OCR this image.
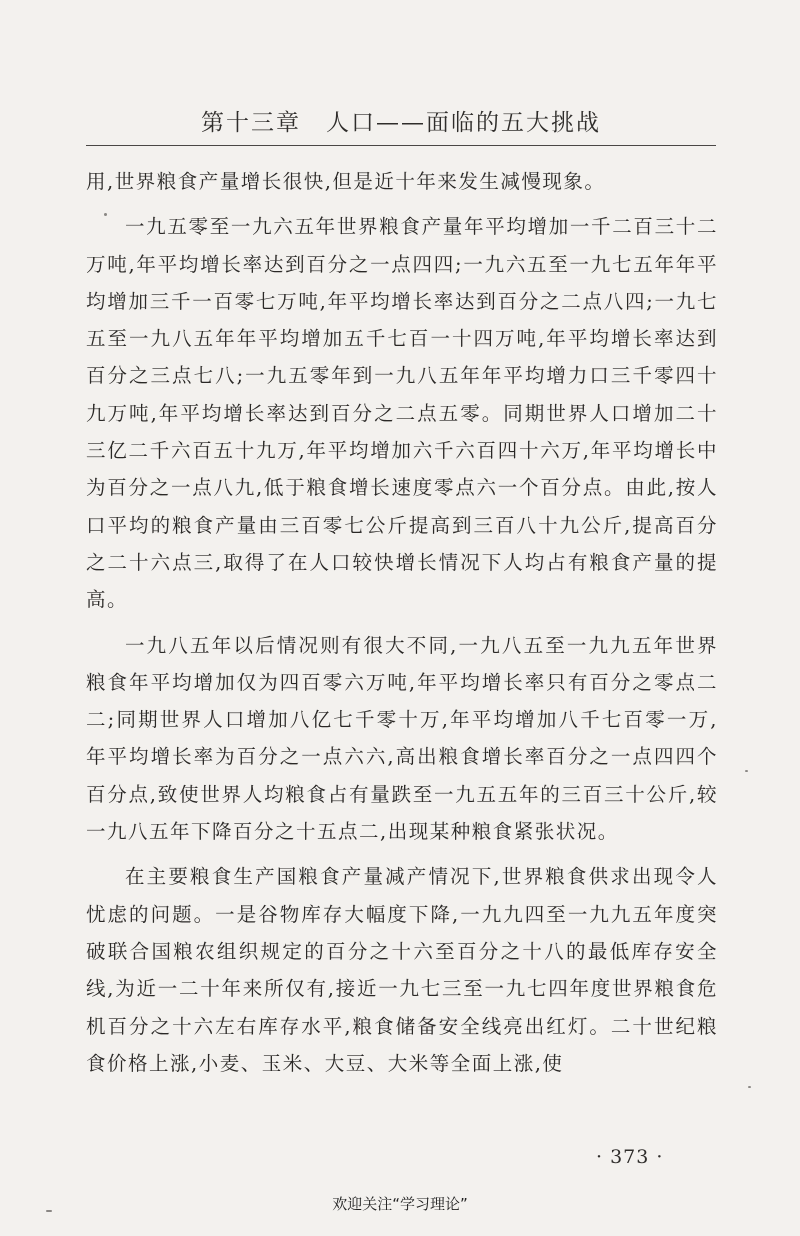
第十三章　人口——面临的五大挑战

用,世界粮食产量增长很快,但是近十年来发生减慢现象。

一九五零至一九六五年世界粮食产量年平均增加一千二百三十二万吨,年平均增长率达到百分之一点四四;一九六五至一九七五年年平均增加三千一百零七万吨,年平均增长率达到百分之二点八四;一九七五至一九八五年年平均增加五千七百一十四万吨,年平均增长率达到百分之三点七八;一九五零年到一九八五年年平均增力口三千零四十九万吨,年平均增长率达到百分之二点五零。同期世界人口增加二十三亿二千六百五十九万,年平均增加六千六百四十六万,年平均增长中为百分之一点八九,低于粮食增长速度零点六一个百分点。由此,按人口平均的粮食产量由三百零七公斤提高到三百八十九公斤,提高百分之二十六点三,取得了在人口较快增长情况下人均占有粮食产量的提高。

一九八五年以后情况则有很大不同,一九八五至一九九五年世界粮食年平均增加仅为四百零六万吨,年平均增长率只有百分之零点二二;同期世界人口增加八亿七千零十万,年平均增加八千七百零一万,年平均增长率为百分之一点六六,高出粮食增长率百分之一点四四个百分点,致使世界人均粮食占有量跌至一九五五年的三百三十公斤,较一九八五年下降百分之十五点二,出现某种粮食紧张状况。

在主要粮食生产国粮食产量减产情况下,世界粮食供求出现令人忧虑的问题。一是谷物库存大幅度下降,一九九四至一九九五年度突破联合国粮农组织规定的百分之十六至百分之十八的最低库存安全线,为近一二十年来所仅有,接近一九七三至一九七四年度世界粮食危机百分之十六左右库存水平,粮食储备安全线亮出红灯。二十世纪粮食价格上涨,小麦、玉米、大豆、大米等全面上涨,使

· 373 ·
欢迎关注“学习理论”
